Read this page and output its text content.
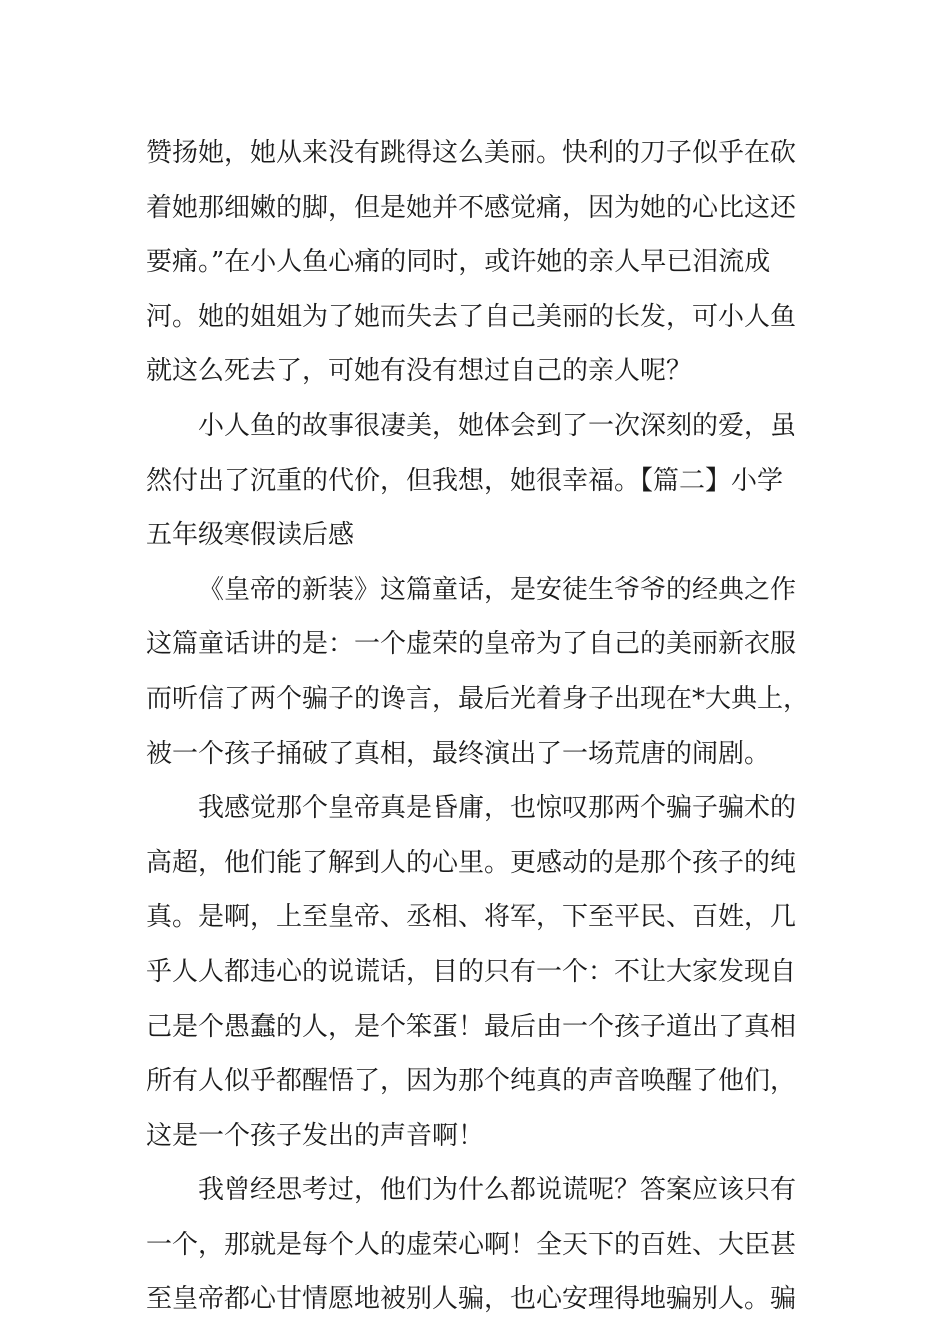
赞扬她，她从来没有跳得这么美丽。快利的刀子似乎在砍
着她那细嫩的脚，但是她并不感觉痛，因为她的心比这还
要痛。”在小人鱼心痛的同时，或许她的亲人早已泪流成
河。她的姐姐为了她而失去了自己美丽的长发，可小人鱼
就这么死去了，可她有没有想过自己的亲人呢？
小人鱼的故事很凄美，她体会到了一次深刻的爱，虽
然付出了沉重的代价，但我想，她很幸福。【篇二】小学
五年级寒假读后感
《皇帝的新装》这篇童话，是安徒生爷爷的经典之作
这篇童话讲的是：一个虚荣的皇帝为了自己的美丽新衣服
而听信了两个骗子的谗言，最后光着身子出现在*大典上，
被一个孩子捅破了真相，最终演出了一场荒唐的闹剧。
我感觉那个皇帝真是昏庸，也惊叹那两个骗子骗术的
高超，他们能了解到人的心里。更感动的是那个孩子的纯
真。是啊，上至皇帝、丞相、将军，下至平民、百姓，几
乎人人都违心的说谎话，目的只有一个：不让大家发现自
己是个愚蠢的人，是个笨蛋！最后由一个孩子道出了真相
所有人似乎都醒悟了，因为那个纯真的声音唤醒了他们，
这是一个孩子发出的声音啊！
我曾经思考过，他们为什么都说谎呢？答案应该只有
一个，那就是每个人的虚荣心啊！全天下的百姓、大臣甚
至皇帝都心甘情愿地被别人骗，也心安理得地骗别人。骗
